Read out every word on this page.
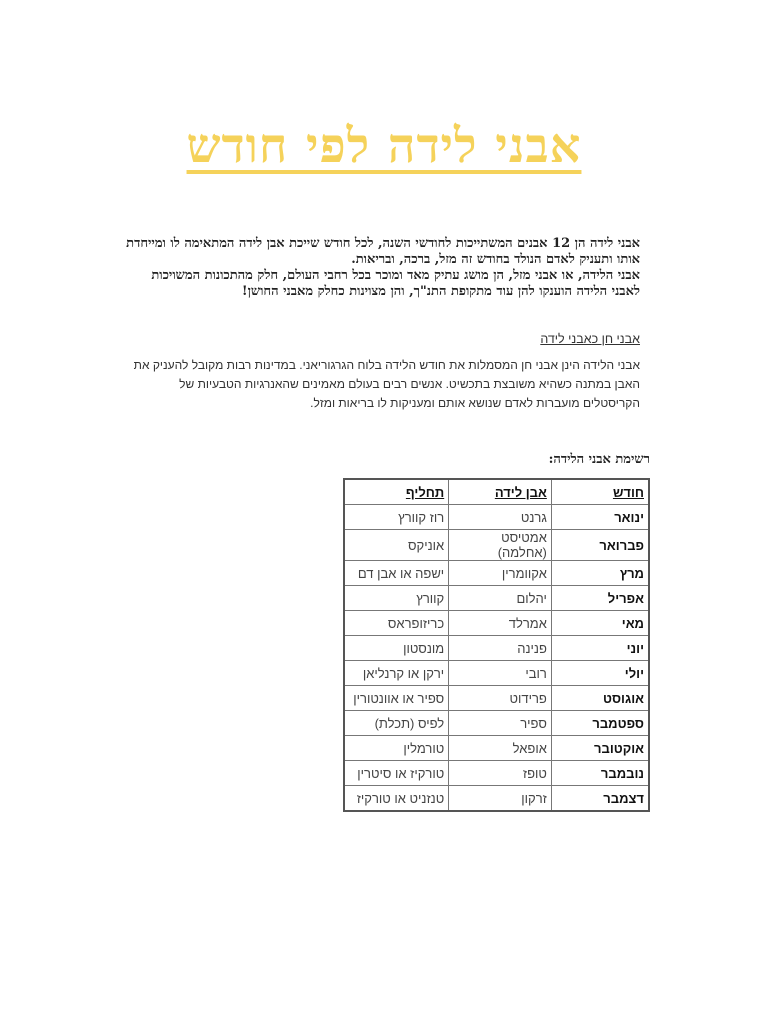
אבני לידה לפי חודש
אבני לידה הן 12 אבנים המשתייכות לחודשי השנה, לכל חודש שייכת אבן לידה המתאימה לו ומייחדת אותו ותעניק לאדם הנולד בחודש זה מזל, ברכה, ובריאות.
אבני הלידה, או אבני מזל, הן מושג עתיק מאד ומוכר בכל רחבי העולם, חלק מהתכונות המשויכות לאבני הלידה הוענקו להן עוד מתקופת התנ"ך, והן מצוינות כחלק מאבני החושן!
אבני חן כאבני לידה

אבני הלידה הינן אבני חן המסמלות את חודש הלידה בלוח הגרגוריאני. במדינות רבות מקובל להעניק את האבן במתנה כשהיא משובצת בתכשיט. אנשים רבים בעולם מאמינים שהאנרגיות הטבעיות של הקריסטלים מועברות לאדם שנושא אותם ומעניקות לו בריאות ומזל.

רשימת אבני הלידה:
חודש	אבן לידה	תחליף
ינואר	גרנט	רוז קוורץ
פברואר	אמטיסט (אחלמה)	אוניקס
מרץ	אקוומרין	ישפה או אבן דם
אפריל	יהלום	קוורץ
מאי	אמרלד	כריזופראס
יוני	פנינה	מונסטון
יולי	רובי	ירקן או קרנליאן
אוגוסט	פרידוט	ספיר או אוונטורין
ספטמבר	ספיר	לפיס (תכלת)
אוקטובר	אופאל	טורמלין
נובמבר	טופז	טורקיז או סיטרין
דצמבר	זרקון	טנזניט או טורקיז
